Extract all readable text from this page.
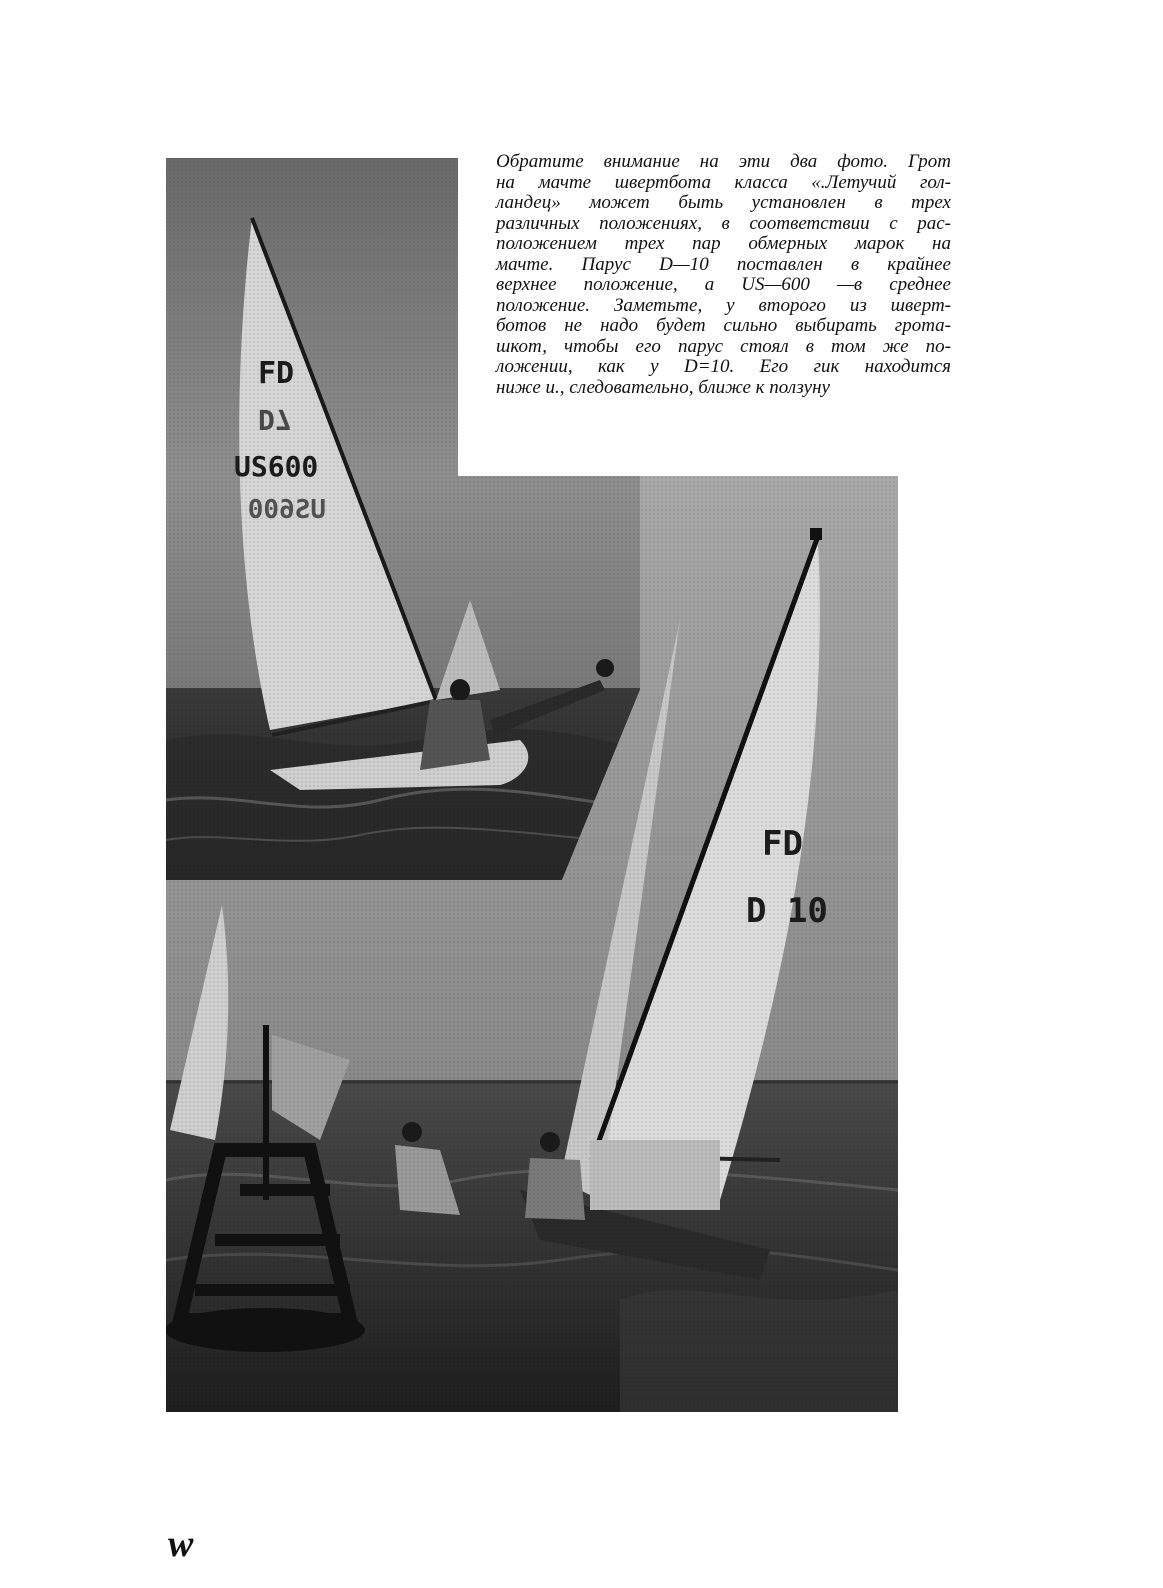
Обратите внимание на эти два фото. Грот
на мачте швертбота класса «.Летучий гол-
ландец» может быть установлен в трех
различных положениях, в соответствии с рас-
положением трех пар обмерных марок на
мачте. Парус D—10 поставлен в крайнее
верхнее положение, а US—600 —в среднее
положение. Заметьте, у второго из шверт-
ботов не надо будет сильно выбирать грота-
шкот, чтобы его парус стоял в том же по-
ложении, как у D=10. Его гик находится
ниже и., следовательно, ближе к ползуну
w
